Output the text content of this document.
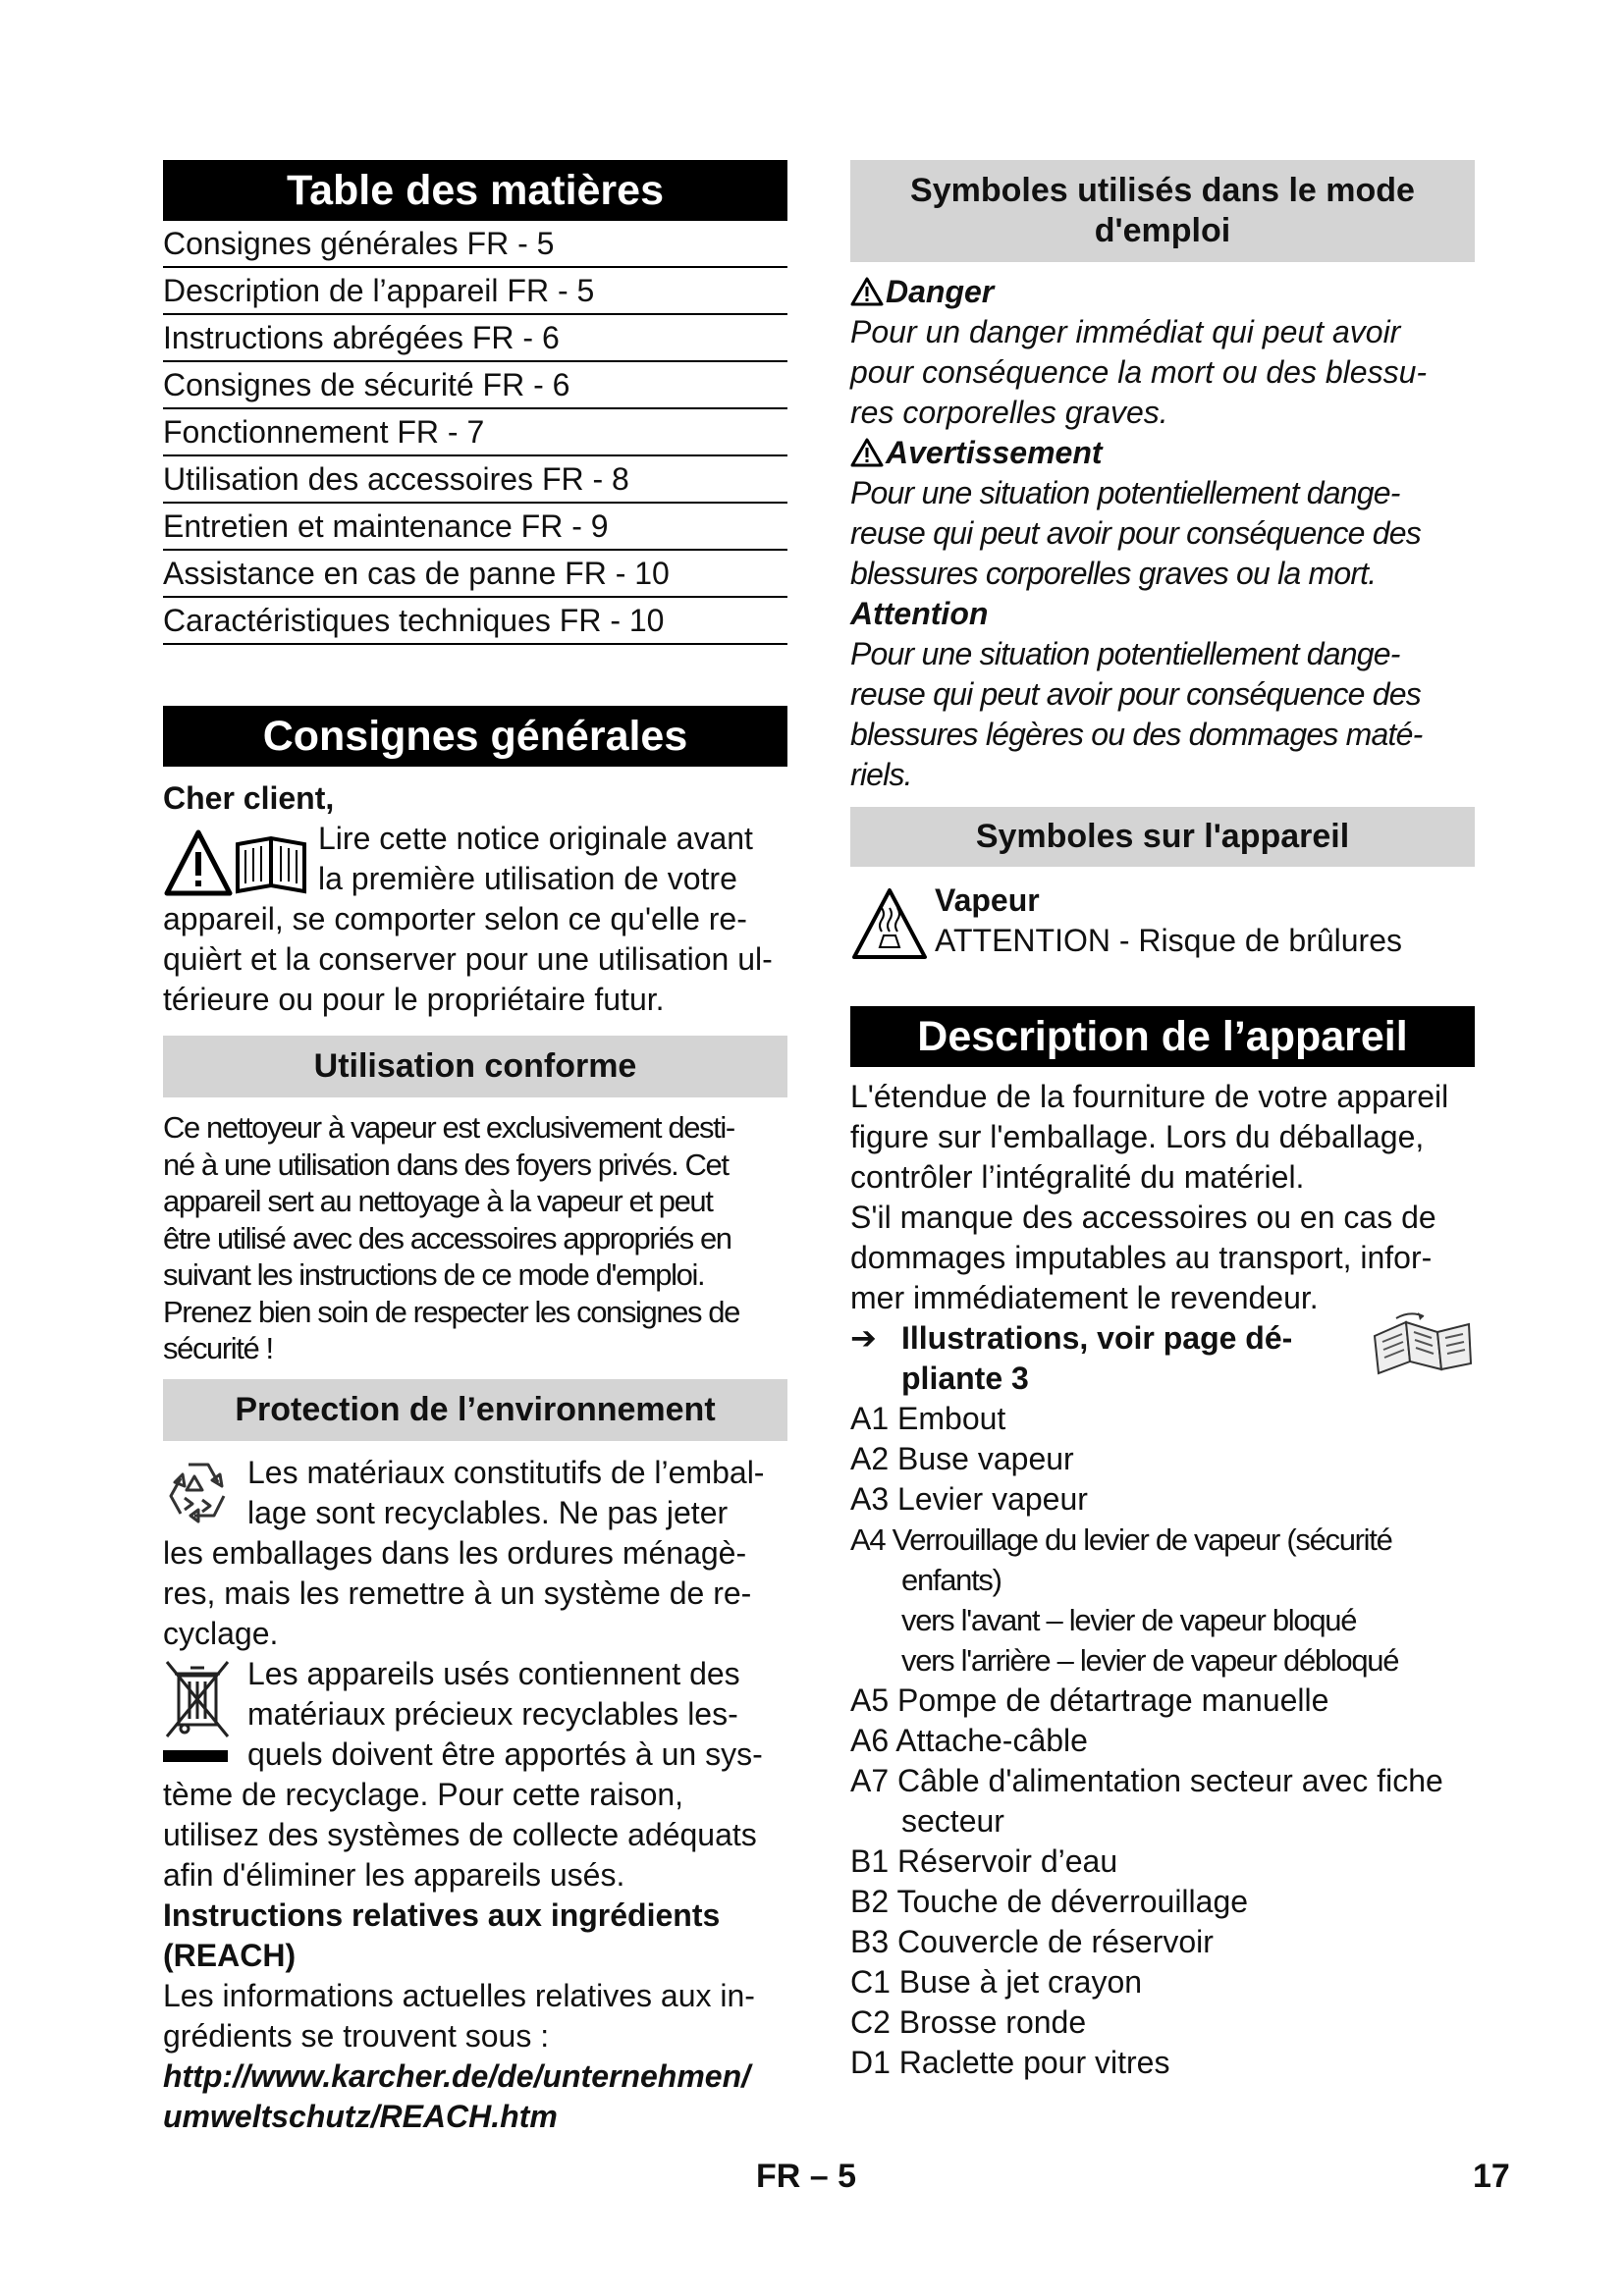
Table des matières
Consignes générales FR - 5
Description de l’appareil FR - 5
Instructions abrégées FR - 6
Consignes de sécurité FR - 6
Fonctionnement FR - 7
Utilisation des accessoires FR - 8
Entretien et maintenance FR - 9
Assistance en cas de panne FR - 10
Caractéristiques techniques FR - 10
Consignes générales

Cher client,

Lire cette notice originale avant
la première utilisation de votre
appareil, se comporter selon ce qu'elle re-
quièrt et la conserver pour une utilisation ul-
térieure ou pour le propriétaire futur.
Utilisation conforme
Ce nettoyeur à vapeur est exclusivement desti-
né à une utilisation dans des foyers privés. Cet
appareil sert au nettoyage à la vapeur et peut
être utilisé avec des accessoires appropriés en
suivant les instructions de ce mode d'emploi.
Prenez bien soin de respecter les consignes de
sécurité !
Protection de l’environnement
Les matériaux constitutifs de l’embal-
lage sont recyclables. Ne pas jeter
les emballages dans les ordures ménagè-
res, mais les remettre à un système de re-
cyclage.
Les appareils usés contiennent des
matériaux précieux recyclables les-
quels doivent être apportés à un sys-
tème de recyclage. Pour cette raison,
utilisez des systèmes de collecte adéquats
afin d'éliminer les appareils usés.
Instructions relatives aux ingrédients
(REACH)
Les informations actuelles relatives aux in-
grédients se trouvent sous :
http://www.karcher.de/de/unternehmen/
umweltschutz/REACH.htm
Symboles utilisés dans le mode d'emploi
Danger
Pour un danger immédiat qui peut avoir
pour conséquence la mort ou des blessu-
res corporelles graves.
Avertissement
Pour une situation potentiellement dange-
reuse qui peut avoir pour conséquence des
blessures corporelles graves ou la mort.
Attention
Pour une situation potentiellement dange-
reuse qui peut avoir pour conséquence des
blessures légères ou des dommages maté-
riels.
Symboles sur l'appareil
Vapeur
ATTENTION - Risque de brûlures
Description de l’appareil
L'étendue de la fourniture de votre appareil
figure sur l'emballage. Lors du déballage,
contrôler l’intégralité du matériel.
S'il manque des accessoires ou en cas de
dommages imputables au transport, infor-
mer immédiatement le revendeur.
➔ Illustrations, voir page dé-
pliante 3
A1 Embout
A2 Buse vapeur
A3 Levier vapeur
A4 Verrouillage du levier de vapeur (sécurité
enfants)
vers l'avant – levier de vapeur bloqué
vers l'arrière – levier de vapeur débloqué
A5 Pompe de détartrage manuelle
A6 Attache-câble
A7 Câble d'alimentation secteur avec fiche secteur
B1 Réservoir d’eau
B2 Touche de déverrouillage
B3 Couvercle de réservoir
C1 Buse à jet crayon
C2 Brosse ronde
D1 Raclette pour vitres
FR – 5	17
